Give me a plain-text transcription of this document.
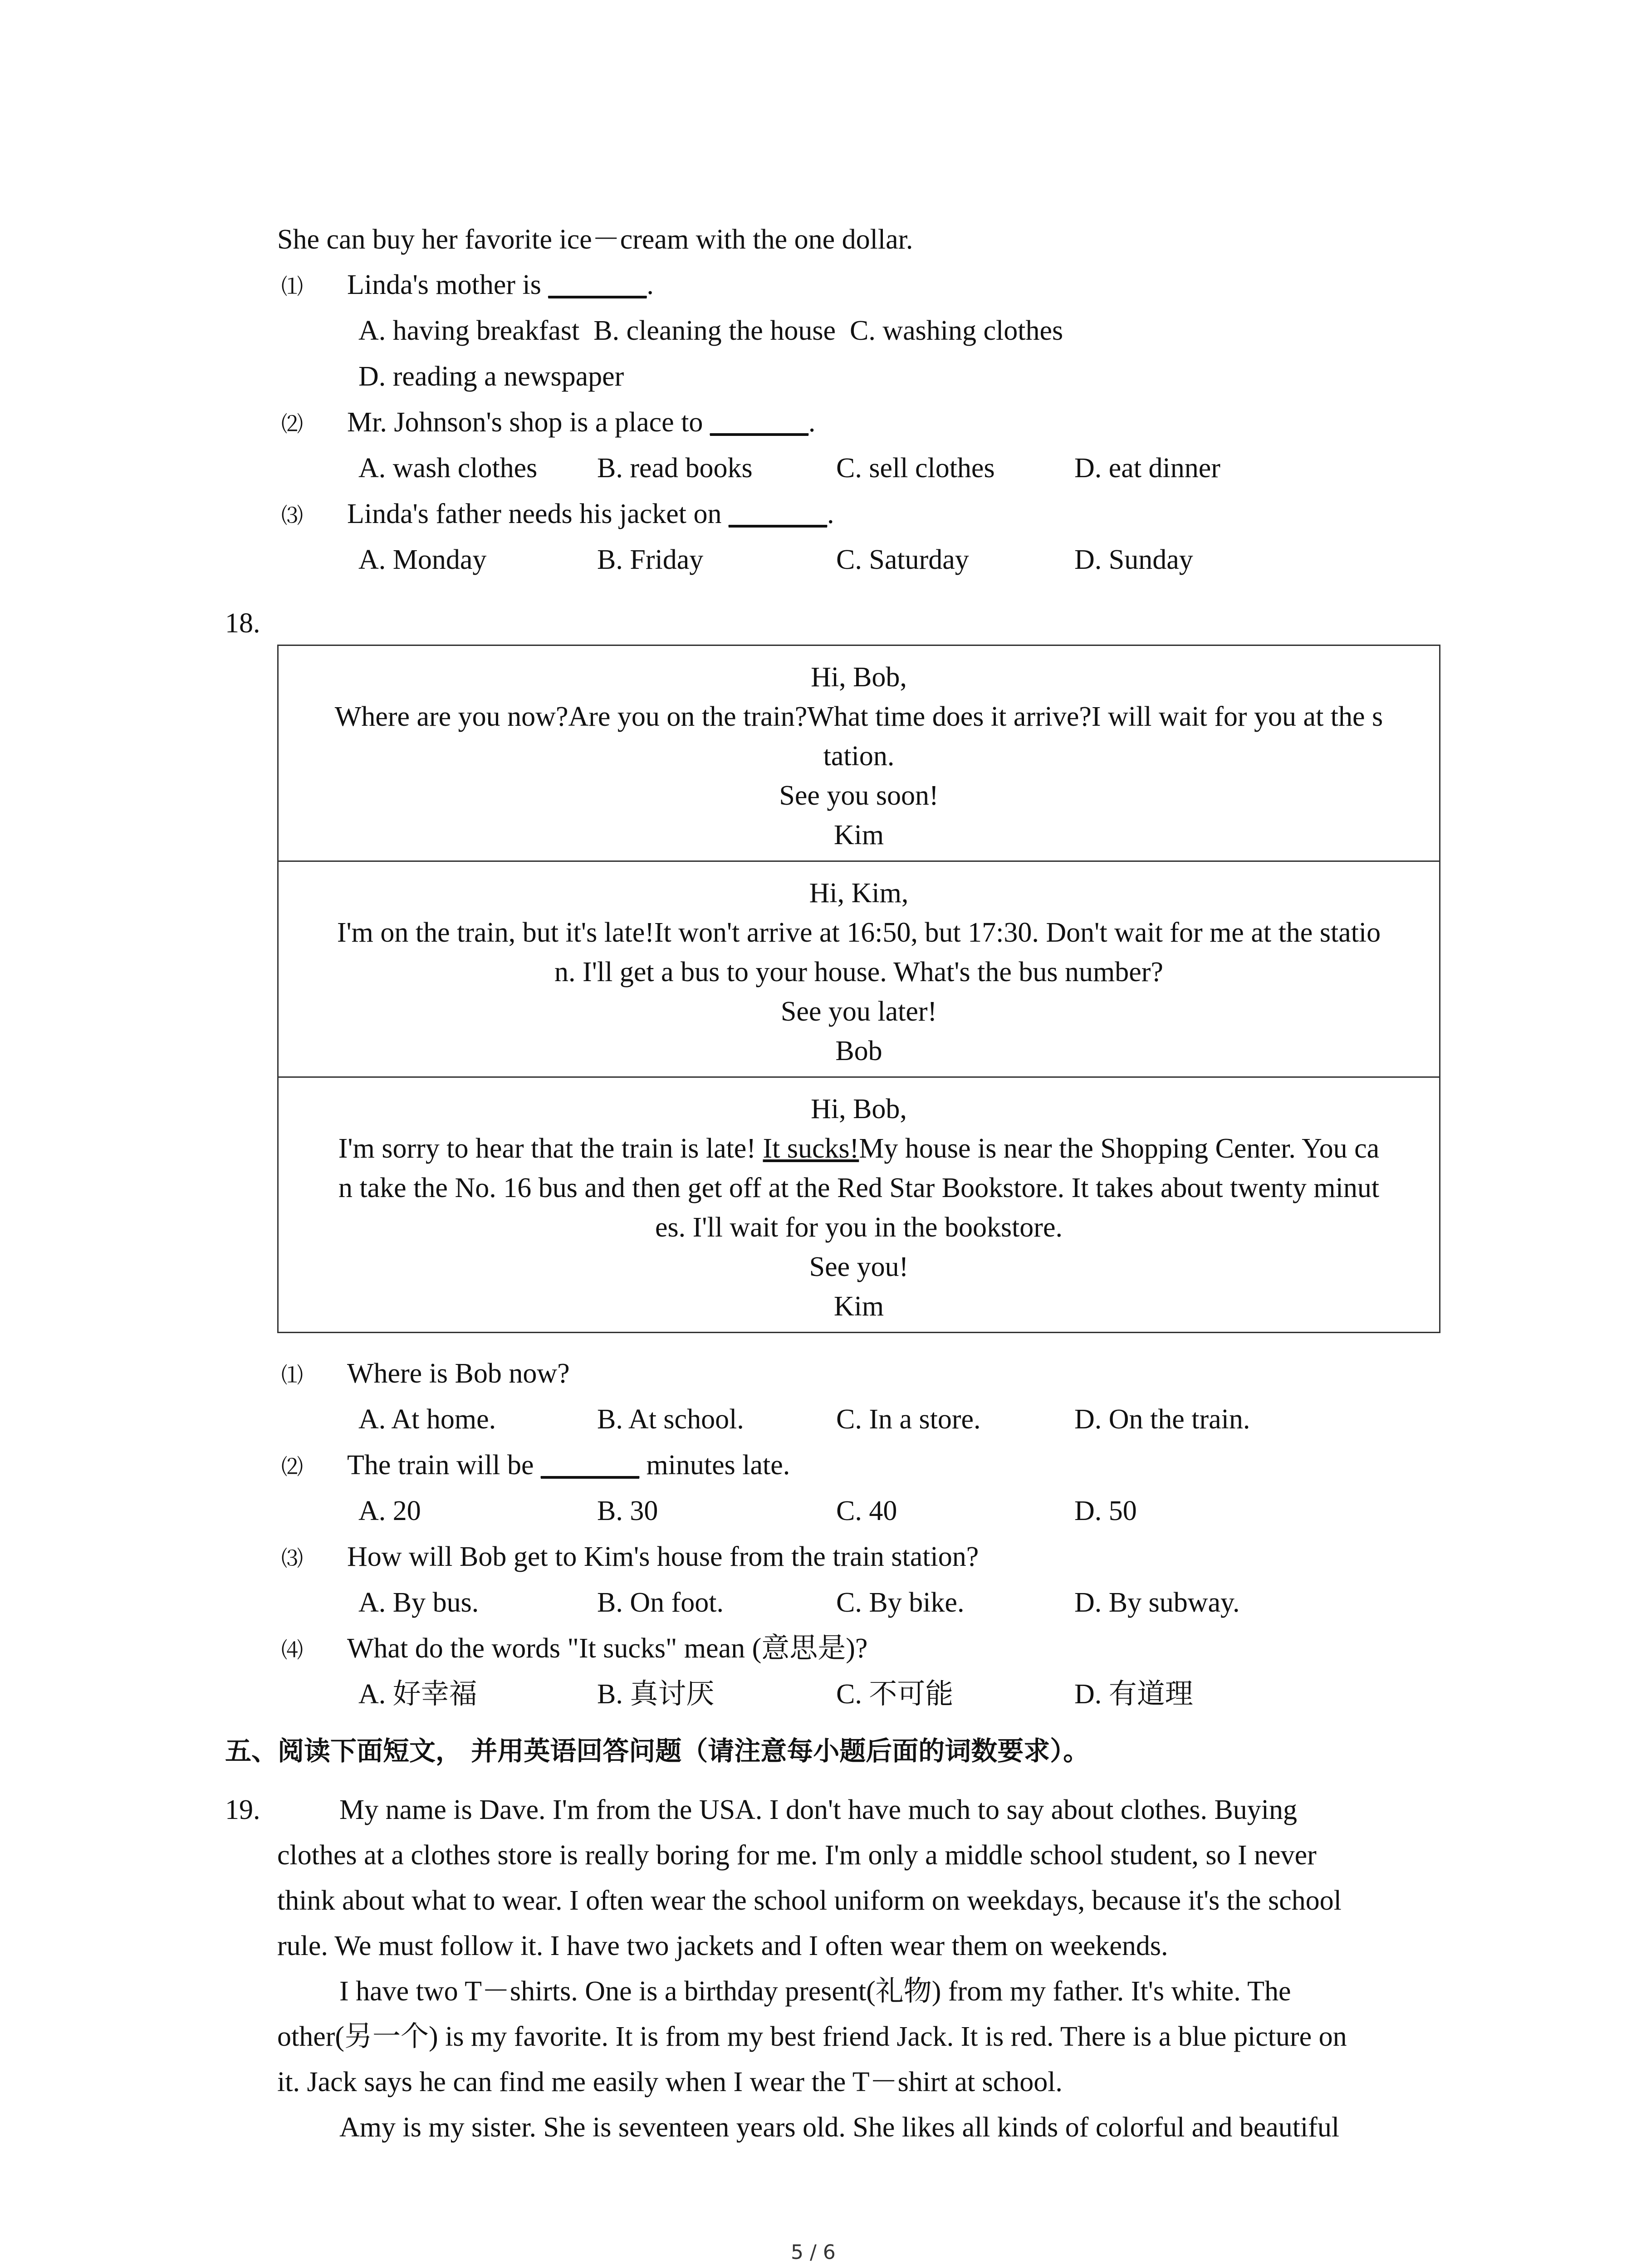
She can buy her favorite ice－cream with the one dollar.
⑴ Linda's mother is _______.
A. having breakfast  B. cleaning the house  C. washing clothes
D. reading a newspaper
⑵ Mr. Johnson's shop is a place to _______.
A. wash clothes B. read books	C. sell clothes	D. eat dinner
⑶ Linda's father needs his jacket on _______.
A. Monday	B. Friday	C. Saturday	D. Sunday
18.
Hi, Bob,
Where are you now?Are you on the train?What time does it arrive?I will wait for you at the s
tation.
See you soon!
Kim
Hi, Kim,
I'm on the train, but it's late!It won't arrive at 16:50, but 17:30. Don't wait for me at the statio
n. I'll get a bus to your house. What's the bus number?
See you later!
Bob
Hi, Bob,
I'm sorry to hear that the train is late! It sucks!My house is near the Shopping Center. You ca
n take the No. 16 bus and then get off at the Red Star Bookstore. It takes about twenty minut
es. I'll wait for you in the bookstore.
See you!
Kim
⑴ Where is Bob now?
A. At home.	B. At school.	C. In a store.	D. On the train.
⑵ The train will be _______ minutes late.
A. 20	B. 30	C. 40	D. 50
⑶ How will Bob get to Kim's house from the train station?
A. By bus.	B. On foot.	C. By bike.	D. By subway.
⑷ What do the words "It sucks" mean (意思是)?
A. 好幸福	B. 真讨厌	C. 不可能	D. 有道理
五、阅读下面短文， 并用英语回答问题（请注意每小题后面的词数要求）。
19.	My name is Dave. I'm from the USA. I don't have much to say about clothes. Buying
clothes at a clothes store is really boring for me. I'm only a middle school student, so I never
think about what to wear. I often wear the school uniform on weekdays, because it's the school
rule. We must follow it. I have two jackets and I often wear them on weekends.
I have two T－shirts. One is a birthday present(礼物) from my father. It's white. The
other(另一个) is my favorite. It is from my best friend Jack. It is red. There is a blue picture on
it. Jack says he can find me easily when I wear the T－shirt at school.
Amy is my sister. She is seventeen years old. She likes all kinds of colorful and beautiful
5 / 6
